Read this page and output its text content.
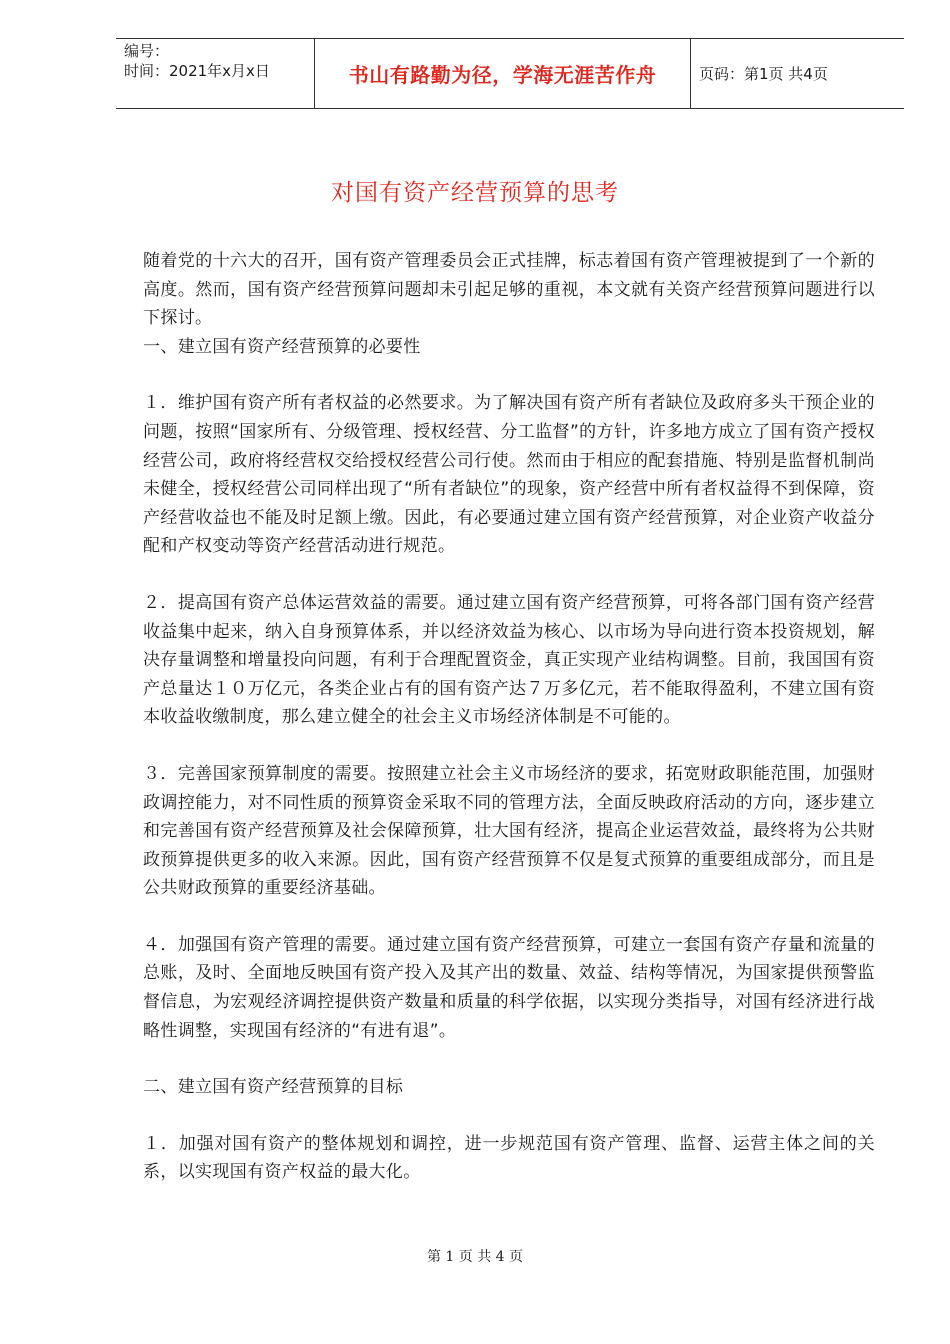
编号：
时间：2021年x月x日	书山有路勤为径，学海无涯苦作舟	页码：第1页 共4页
对国有资产经营预算的思考

随着党的十六大的召开，国有资产管理委员会正式挂牌，标志着国有资产管理被提到了一个新的高度。然而，国有资产经营预算问题却未引起足够的重视，本文就有关资产经营预算问题进行以下探讨。

一、建立国有资产经营预算的必要性

１．维护国有资产所有者权益的必然要求。为了解决国有资产所有者缺位及政府多头干预企业的问题，按照“国家所有、分级管理、授权经营、分工监督”的方针，许多地方成立了国有资产授权经营公司，政府将经营权交给授权经营公司行使。然而由于相应的配套措施、特别是监督机制尚未健全，授权经营公司同样出现了“所有者缺位”的现象，资产经营中所有者权益得不到保障，资产经营收益也不能及时足额上缴。因此，有必要通过建立国有资产经营预算，对企业资产收益分配和产权变动等资产经营活动进行规范。

２．提高国有资产总体运营效益的需要。通过建立国有资产经营预算，可将各部门国有资产经营收益集中起来，纳入自身预算体系，并以经济效益为核心、以市场为导向进行资本投资规划，解决存量调整和增量投向问题，有利于合理配置资金，真正实现产业结构调整。目前，我国国有资产总量达１０万亿元，各类企业占有的国有资产达７万多亿元，若不能取得盈利，不建立国有资本收益收缴制度，那么建立健全的社会主义市场经济体制是不可能的。

３．完善国家预算制度的需要。按照建立社会主义市场经济的要求，拓宽财政职能范围，加强财政调控能力，对不同性质的预算资金采取不同的管理方法，全面反映政府活动的方向，逐步建立和完善国有资产经营预算及社会保障预算，壮大国有经济，提高企业运营效益，最终将为公共财政预算提供更多的收入来源。因此，国有资产经营预算不仅是复式预算的重要组成部分，而且是公共财政预算的重要经济基础。

４．加强国有资产管理的需要。通过建立国有资产经营预算，可建立一套国有资产存量和流量的总账，及时、全面地反映国有资产投入及其产出的数量、效益、结构等情况，为国家提供预警监督信息，为宏观经济调控提供资产数量和质量的科学依据，以实现分类指导，对国有经济进行战略性调整，实现国有经济的“有进有退”。

二、建立国有资产经营预算的目标

１．加强对国有资产的整体规划和调控，进一步规范国有资产管理、监督、运营主体之间的关系，以实现国有资产权益的最大化。

第 1 页 共 4 页
